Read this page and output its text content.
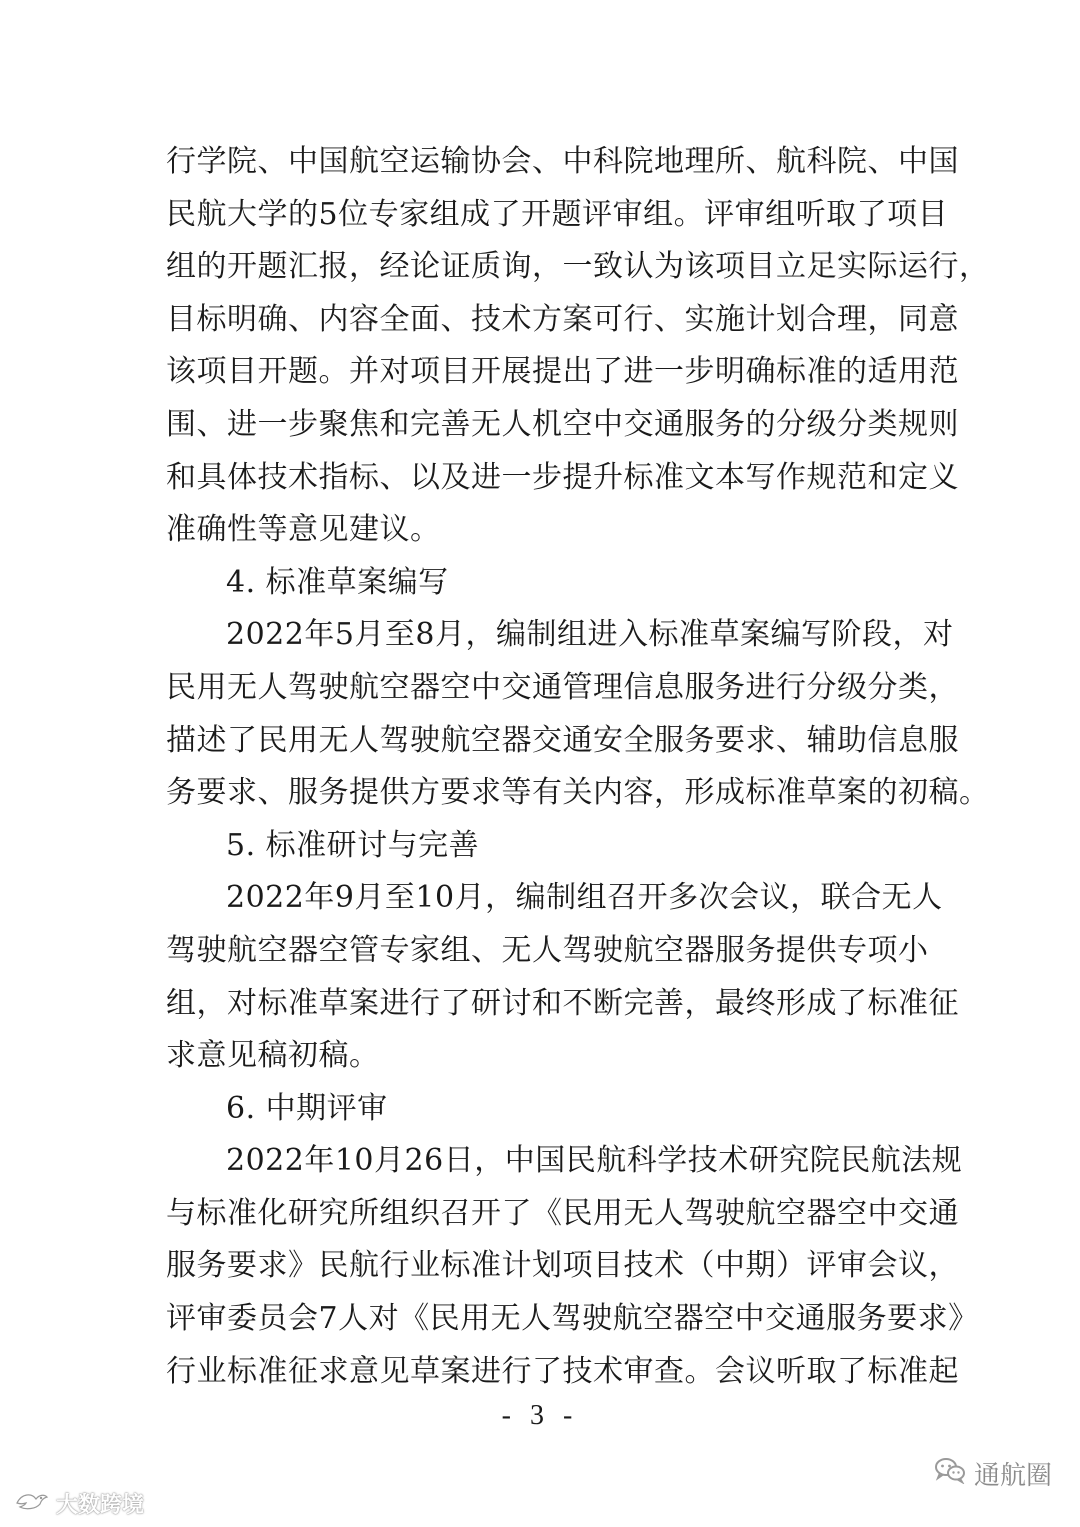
行学院、中国航空运输协会、中科院地理所、航科院、中国
民航大学的5位专家组成了开题评审组。评审组听取了项目
组的开题汇报，经论证质询，一致认为该项目立足实际运行，
目标明确、内容全面、技术方案可行、实施计划合理，同意
该项目开题。并对项目开展提出了进一步明确标准的适用范
围、进一步聚焦和完善无人机空中交通服务的分级分类规则
和具体技术指标、以及进一步提升标准文本写作规范和定义
准确性等意见建议。
4. 标准草案编写
2022年5月至8月，编制组进入标准草案编写阶段，对
民用无人驾驶航空器空中交通管理信息服务进行分级分类，
描述了民用无人驾驶航空器交通安全服务要求、辅助信息服
务要求、服务提供方要求等有关内容，形成标准草案的初稿。
5. 标准研讨与完善
2022年9月至10月，编制组召开多次会议，联合无人
驾驶航空器空管专家组、无人驾驶航空器服务提供专项小
组，对标准草案进行了研讨和不断完善，最终形成了标准征
求意见稿初稿。
6. 中期评审
2022年10月26日，中国民航科学技术研究院民航法规
与标准化研究所组织召开了《民用无人驾驶航空器空中交通
服务要求》民航行业标准计划项目技术（中期）评审会议，
评审委员会7人对《民用无人驾驶航空器空中交通服务要求》
行业标准征求意见草案进行了技术审查。会议听取了标准起
- 3 -
大数跨境
通航圈
